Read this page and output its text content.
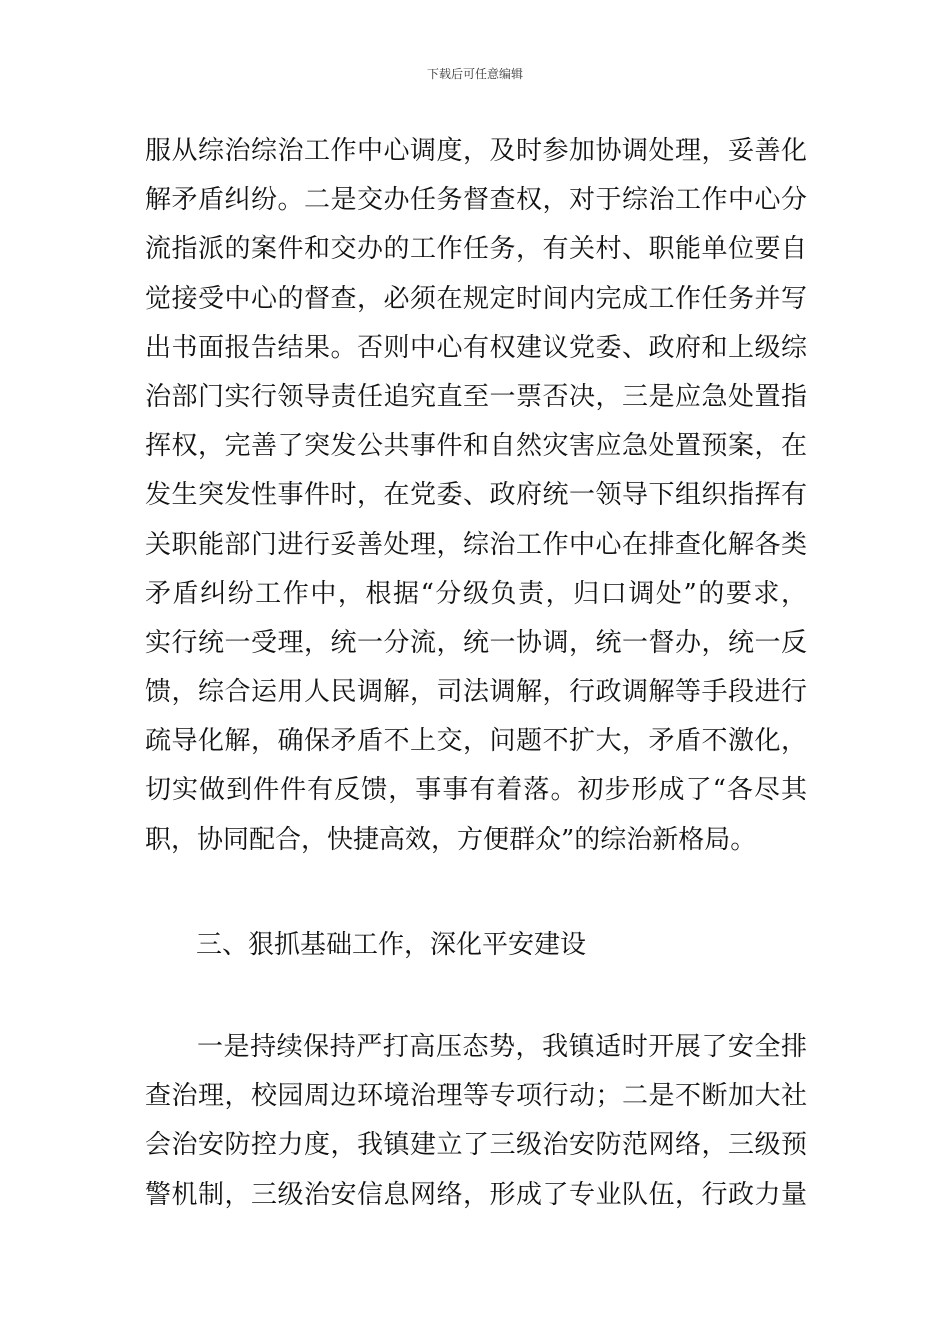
下载后可任意编辑
服从综治综治工作中心调度，及时参加协调处理，妥善化
解矛盾纠纷。二是交办任务督查权，对于综治工作中心分
流指派的案件和交办的工作任务，有关村、职能单位要自
觉接受中心的督查，必须在规定时间内完成工作任务并写
出书面报告结果。否则中心有权建议党委、政府和上级综
治部门实行领导责任追究直至一票否决，三是应急处置指
挥权，完善了突发公共事件和自然灾害应急处置预案，在
发生突发性事件时，在党委、政府统一领导下组织指挥有
关职能部门进行妥善处理，综治工作中心在排查化解各类
矛盾纠纷工作中，根据“分级负责，归口调处”的要求，
实行统一受理，统一分流，统一协调，统一督办，统一反
馈，综合运用人民调解，司法调解，行政调解等手段进行
疏导化解，确保矛盾不上交，问题不扩大，矛盾不激化，
切实做到件件有反馈，事事有着落。初步形成了“各尽其
职，协同配合，快捷高效，方便群众”的综治新格局。
三、狠抓基础工作，深化平安建设
一是持续保持严打高压态势，我镇适时开展了安全排
查治理，校园周边环境治理等专项行动；二是不断加大社
会治安防控力度，我镇建立了三级治安防范网络，三级预
警机制，三级治安信息网络，形成了专业队伍，行政力量
